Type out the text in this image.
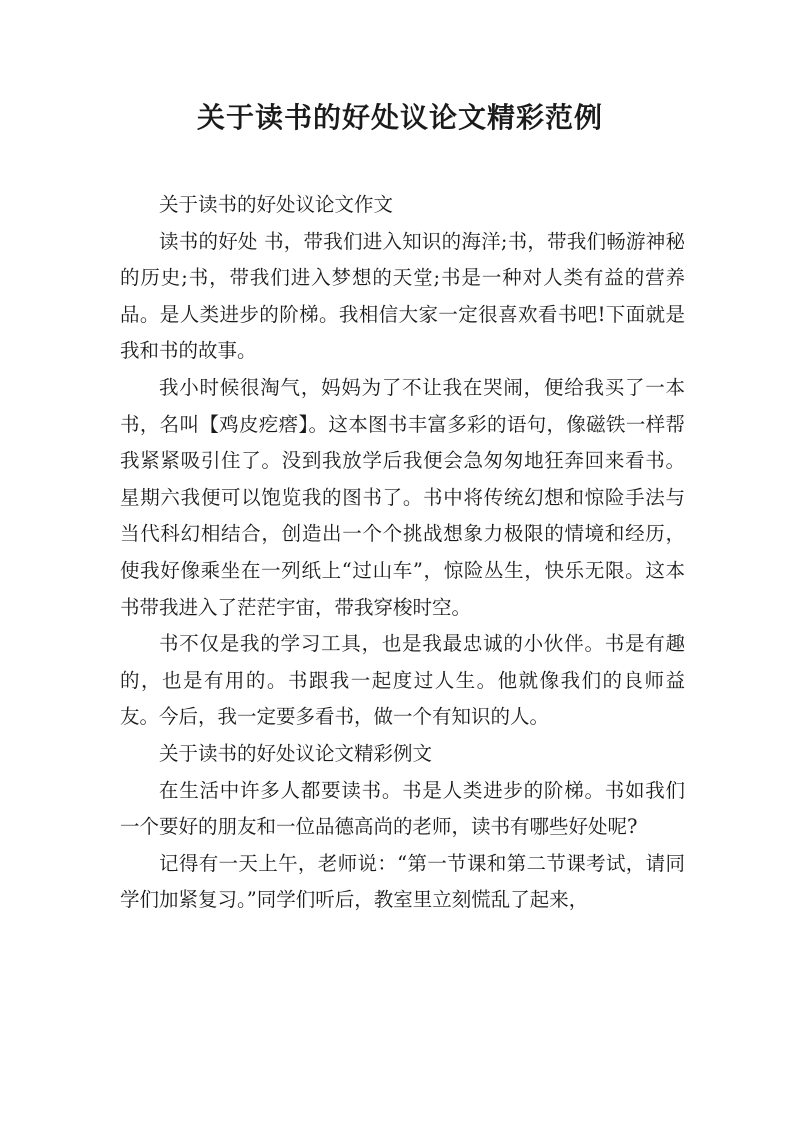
关于读书的好处议论文精彩范例

关于读书的好处议论文作文

读书的好处 书，带我们进入知识的海洋;书，带我们畅游神秘的历史;书，带我们进入梦想的天堂;书是一种对人类有益的营养品。是人类进步的阶梯。我相信大家一定很喜欢看书吧!下面就是我和书的故事。

我小时候很淘气，妈妈为了不让我在哭闹，便给我买了一本书，名叫【鸡皮疙瘩】。这本图书丰富多彩的语句，像磁铁一样帮我紧紧吸引住了。没到我放学后我便会急匆匆地狂奔回来看书。星期六我便可以饱览我的图书了。书中将传统幻想和惊险手法与当代科幻相结合，创造出一个个挑战想象力极限的情境和经历，使我好像乘坐在一列纸上“过山车”，惊险丛生，快乐无限。这本书带我进入了茫茫宇宙，带我穿梭时空。

书不仅是我的学习工具，也是我最忠诚的小伙伴。书是有趣的，也是有用的。书跟我一起度过人生。他就像我们的良师益友。今后，我一定要多看书，做一个有知识的人。

关于读书的好处议论文精彩例文

在生活中许多人都要读书。书是人类进步的阶梯。书如我们一个要好的朋友和一位品德高尚的老师，读书有哪些好处呢?

记得有一天上午，老师说：“第一节课和第二节课考试，请同学们加紧复习。”同学们听后，教室里立刻慌乱了起来，
